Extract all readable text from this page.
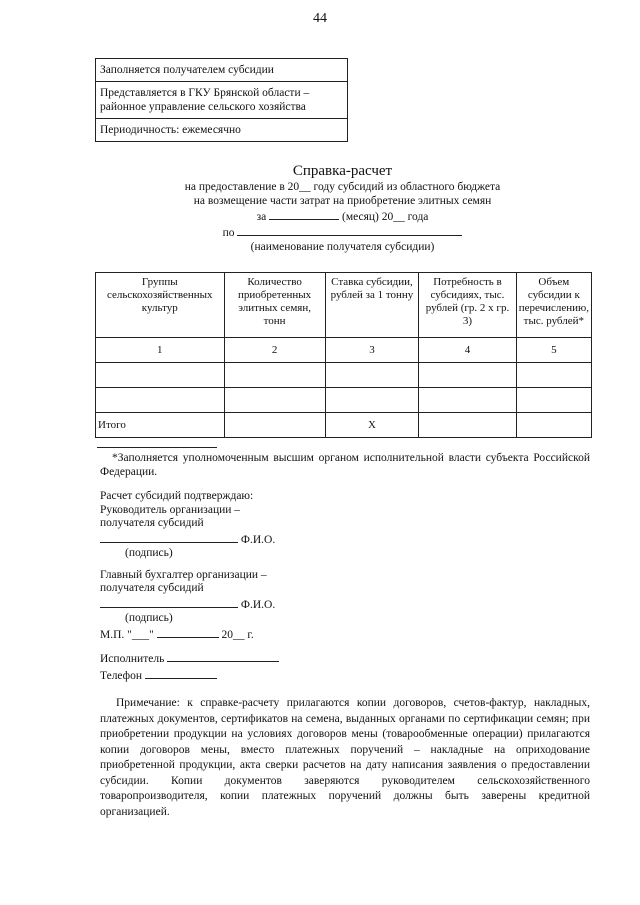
44
Заполняется получателем субсидии
Представляется в ГКУ Брянской области – районное управление сельского хозяйства
Периодичность: ежемесячно
Справка-расчет
на предоставление в 20__ году субсидий из областного бюджета
на возмещение части затрат на приобретение элитных семян
за	(месяц) 20__ года
по
(наименование получателя субсидии)
Группы сельскохозяйственных культур	Количество приобретенных элитных семян, тонн	Ставка субсидии, рублей за 1 тонну	Потребность в субсидиях, тыс. рублей (гр. 2 х гр. 3)	Объем субсидии к перечислению, тыс. рублей*
1	2	3	4	5

Итого		X		
*Заполняется уполномоченным высшим органом исполнительной власти субъекта Российской Федерации.
Расчет субсидий подтверждаю:
Руководитель организации –
получателя субсидий
Ф.И.О.
(подпись)
Главный бухгалтер организации –
получателя субсидий
Ф.И.О.
(подпись)
М.П. "___"	20__ г.
Исполнитель
Телефон
Примечание: к справке-расчету прилагаются копии договоров, счетов-фактур, накладных, платежных документов, сертификатов на семена, выданных органами по сертификации семян; при приобретении продукции на условиях договоров мены (товарообменные операции) прилагаются копии договоров мены, вместо платежных поручений – накладные на оприходование приобретенной продукции, акта сверки расчетов на дату написания заявления о предоставлении субсидии. Копии документов заверяются руководителем сельскохозяйственного товаропроизводителя, копии платежных поручений должны быть заверены кредитной организацией.
